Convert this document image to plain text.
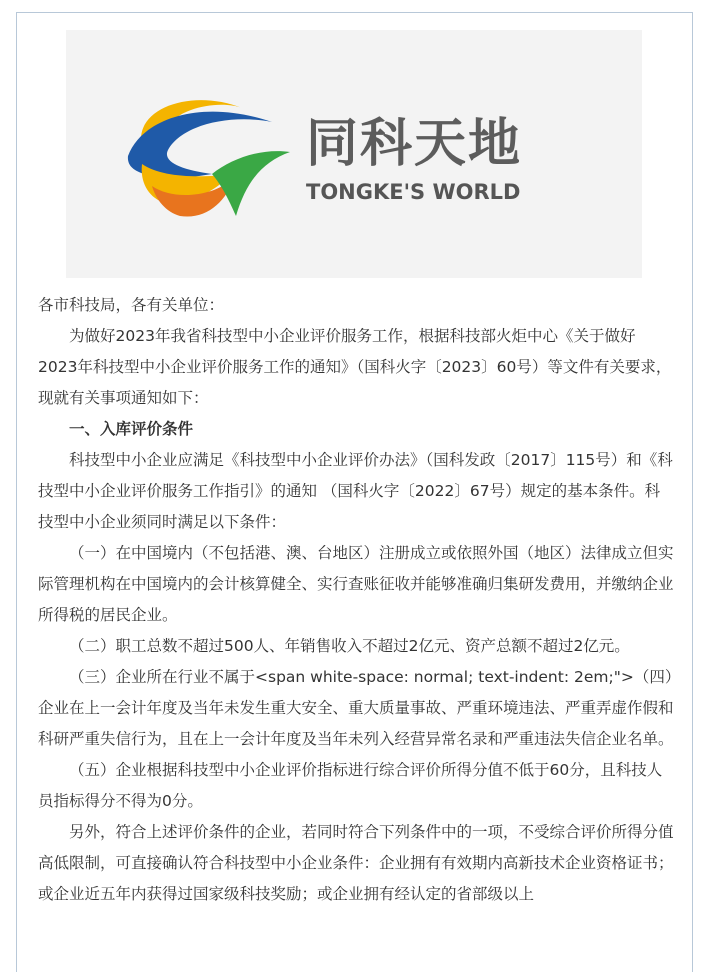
同科天地
TONGKE'S WORLD

各市科技局，各有关单位：

为做好2023年我省科技型中小企业评价服务工作，根据科技部火炬中心《关于做好2023年科技型中小企业评价服务工作的通知》（国科火字〔2023〕60号）等文件有关要求，现就有关事项通知如下：

一、入库评价条件

科技型中小企业应满足《科技型中小企业评价办法》（国科发政〔2017〕115号）和《科技型中小企业评价服务工作指引》的通知 （国科火字〔2022〕67号）规定的基本条件。科技型中小企业须同时满足以下条件：

（一）在中国境内（不包括港、澳、台地区）注册成立或依照外国（地区）法律成立但实际管理机构在中国境内的会计核算健全、实行查账征收并能够准确归集研发费用，并缴纳企业所得税的居民企业。

（二）职工总数不超过500人、年销售收入不超过2亿元、资产总额不超过2亿元。

（三）企业所在行业不属于<span white-space: normal; text-indent: 2em;">（四）企业在上一会计年度及当年未发生重大安全、重大质量事故、严重环境违法、严重弄虚作假和科研严重失信行为，且在上一会计年度及当年未列入经营异常名录和严重违法失信企业名单。

（五）企业根据科技型中小企业评价指标进行综合评价所得分值不低于60分，且科技人员指标得分不得为0分。

另外，符合上述评价条件的企业，若同时符合下列条件中的一项，不受综合评价所得分值高低限制，可直接确认符合科技型中小企业条件：企业拥有有效期内高新技术企业资格证书；或企业近五年内获得过国家级科技奖励；或企业拥有经认定的省部级以上
